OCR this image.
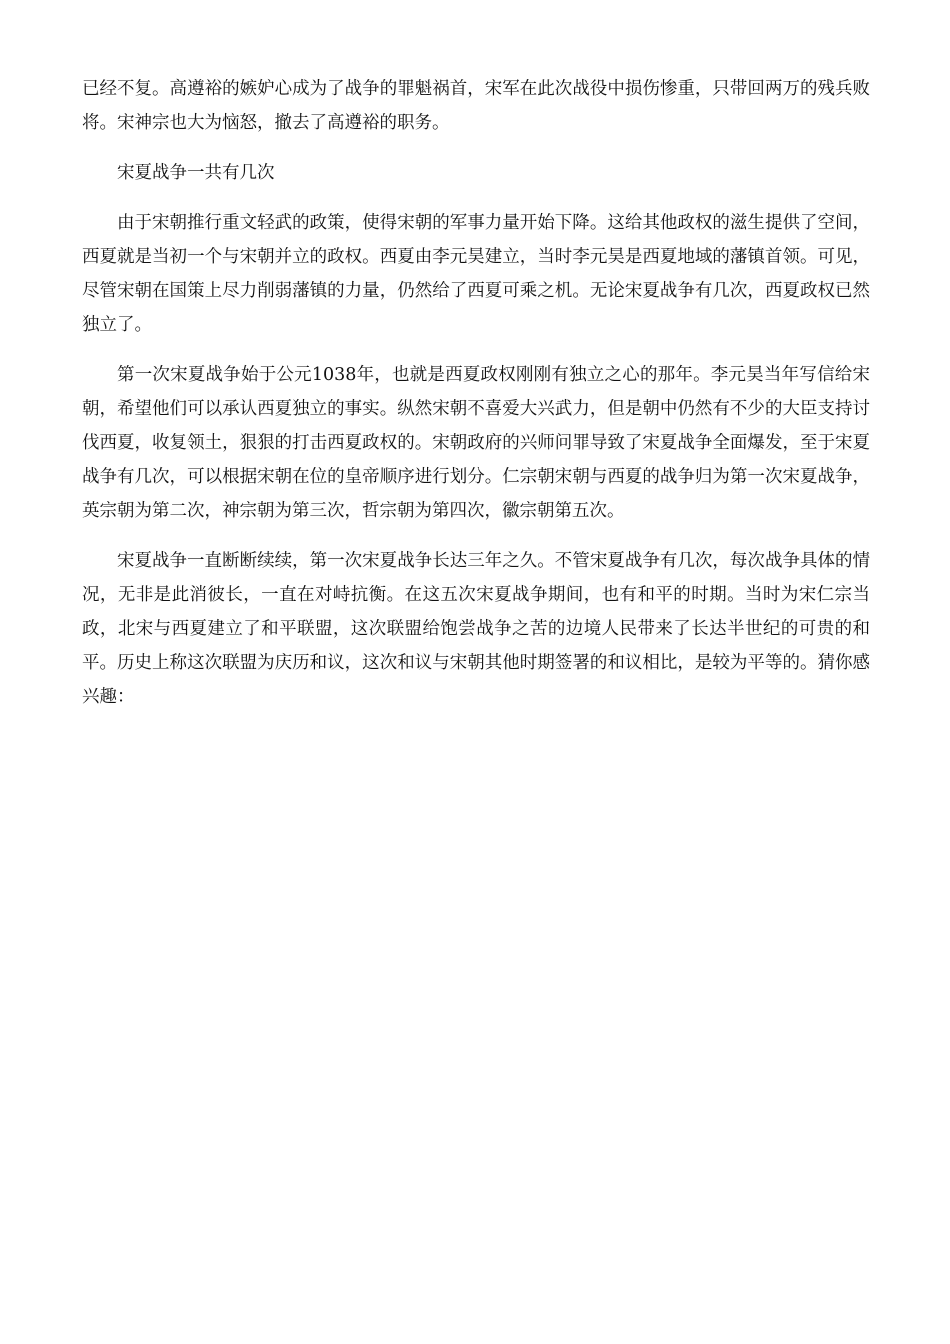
已经不复。高遵裕的嫉妒心成为了战争的罪魁祸首，宋军在此次战役中损伤惨重，只带回两万的残兵败将。宋神宗也大为恼怒，撤去了高遵裕的职务。

宋夏战争一共有几次

由于宋朝推行重文轻武的政策，使得宋朝的军事力量开始下降。这给其他政权的滋生提供了空间，西夏就是当初一个与宋朝并立的政权。西夏由李元昊建立，当时李元昊是西夏地域的藩镇首领。可见，尽管宋朝在国策上尽力削弱藩镇的力量，仍然给了西夏可乘之机。无论宋夏战争有几次，西夏政权已然独立了。

第一次宋夏战争始于公元1038年，也就是西夏政权刚刚有独立之心的那年。李元昊当年写信给宋朝，希望他们可以承认西夏独立的事实。纵然宋朝不喜爱大兴武力，但是朝中仍然有不少的大臣支持讨伐西夏，收复领土，狠狠的打击西夏政权的。宋朝政府的兴师问罪导致了宋夏战争全面爆发，至于宋夏战争有几次，可以根据宋朝在位的皇帝顺序进行划分。仁宗朝宋朝与西夏的战争归为第一次宋夏战争，英宗朝为第二次，神宗朝为第三次，哲宗朝为第四次，徽宗朝第五次。

宋夏战争一直断断续续，第一次宋夏战争长达三年之久。不管宋夏战争有几次，每次战争具体的情况，无非是此消彼长，一直在对峙抗衡。在这五次宋夏战争期间，也有和平的时期。当时为宋仁宗当政，北宋与西夏建立了和平联盟，这次联盟给饱尝战争之苦的边境人民带来了长达半世纪的可贵的和平。历史上称这次联盟为庆历和议，这次和议与宋朝其他时期签署的和议相比，是较为平等的。猜你感兴趣：
